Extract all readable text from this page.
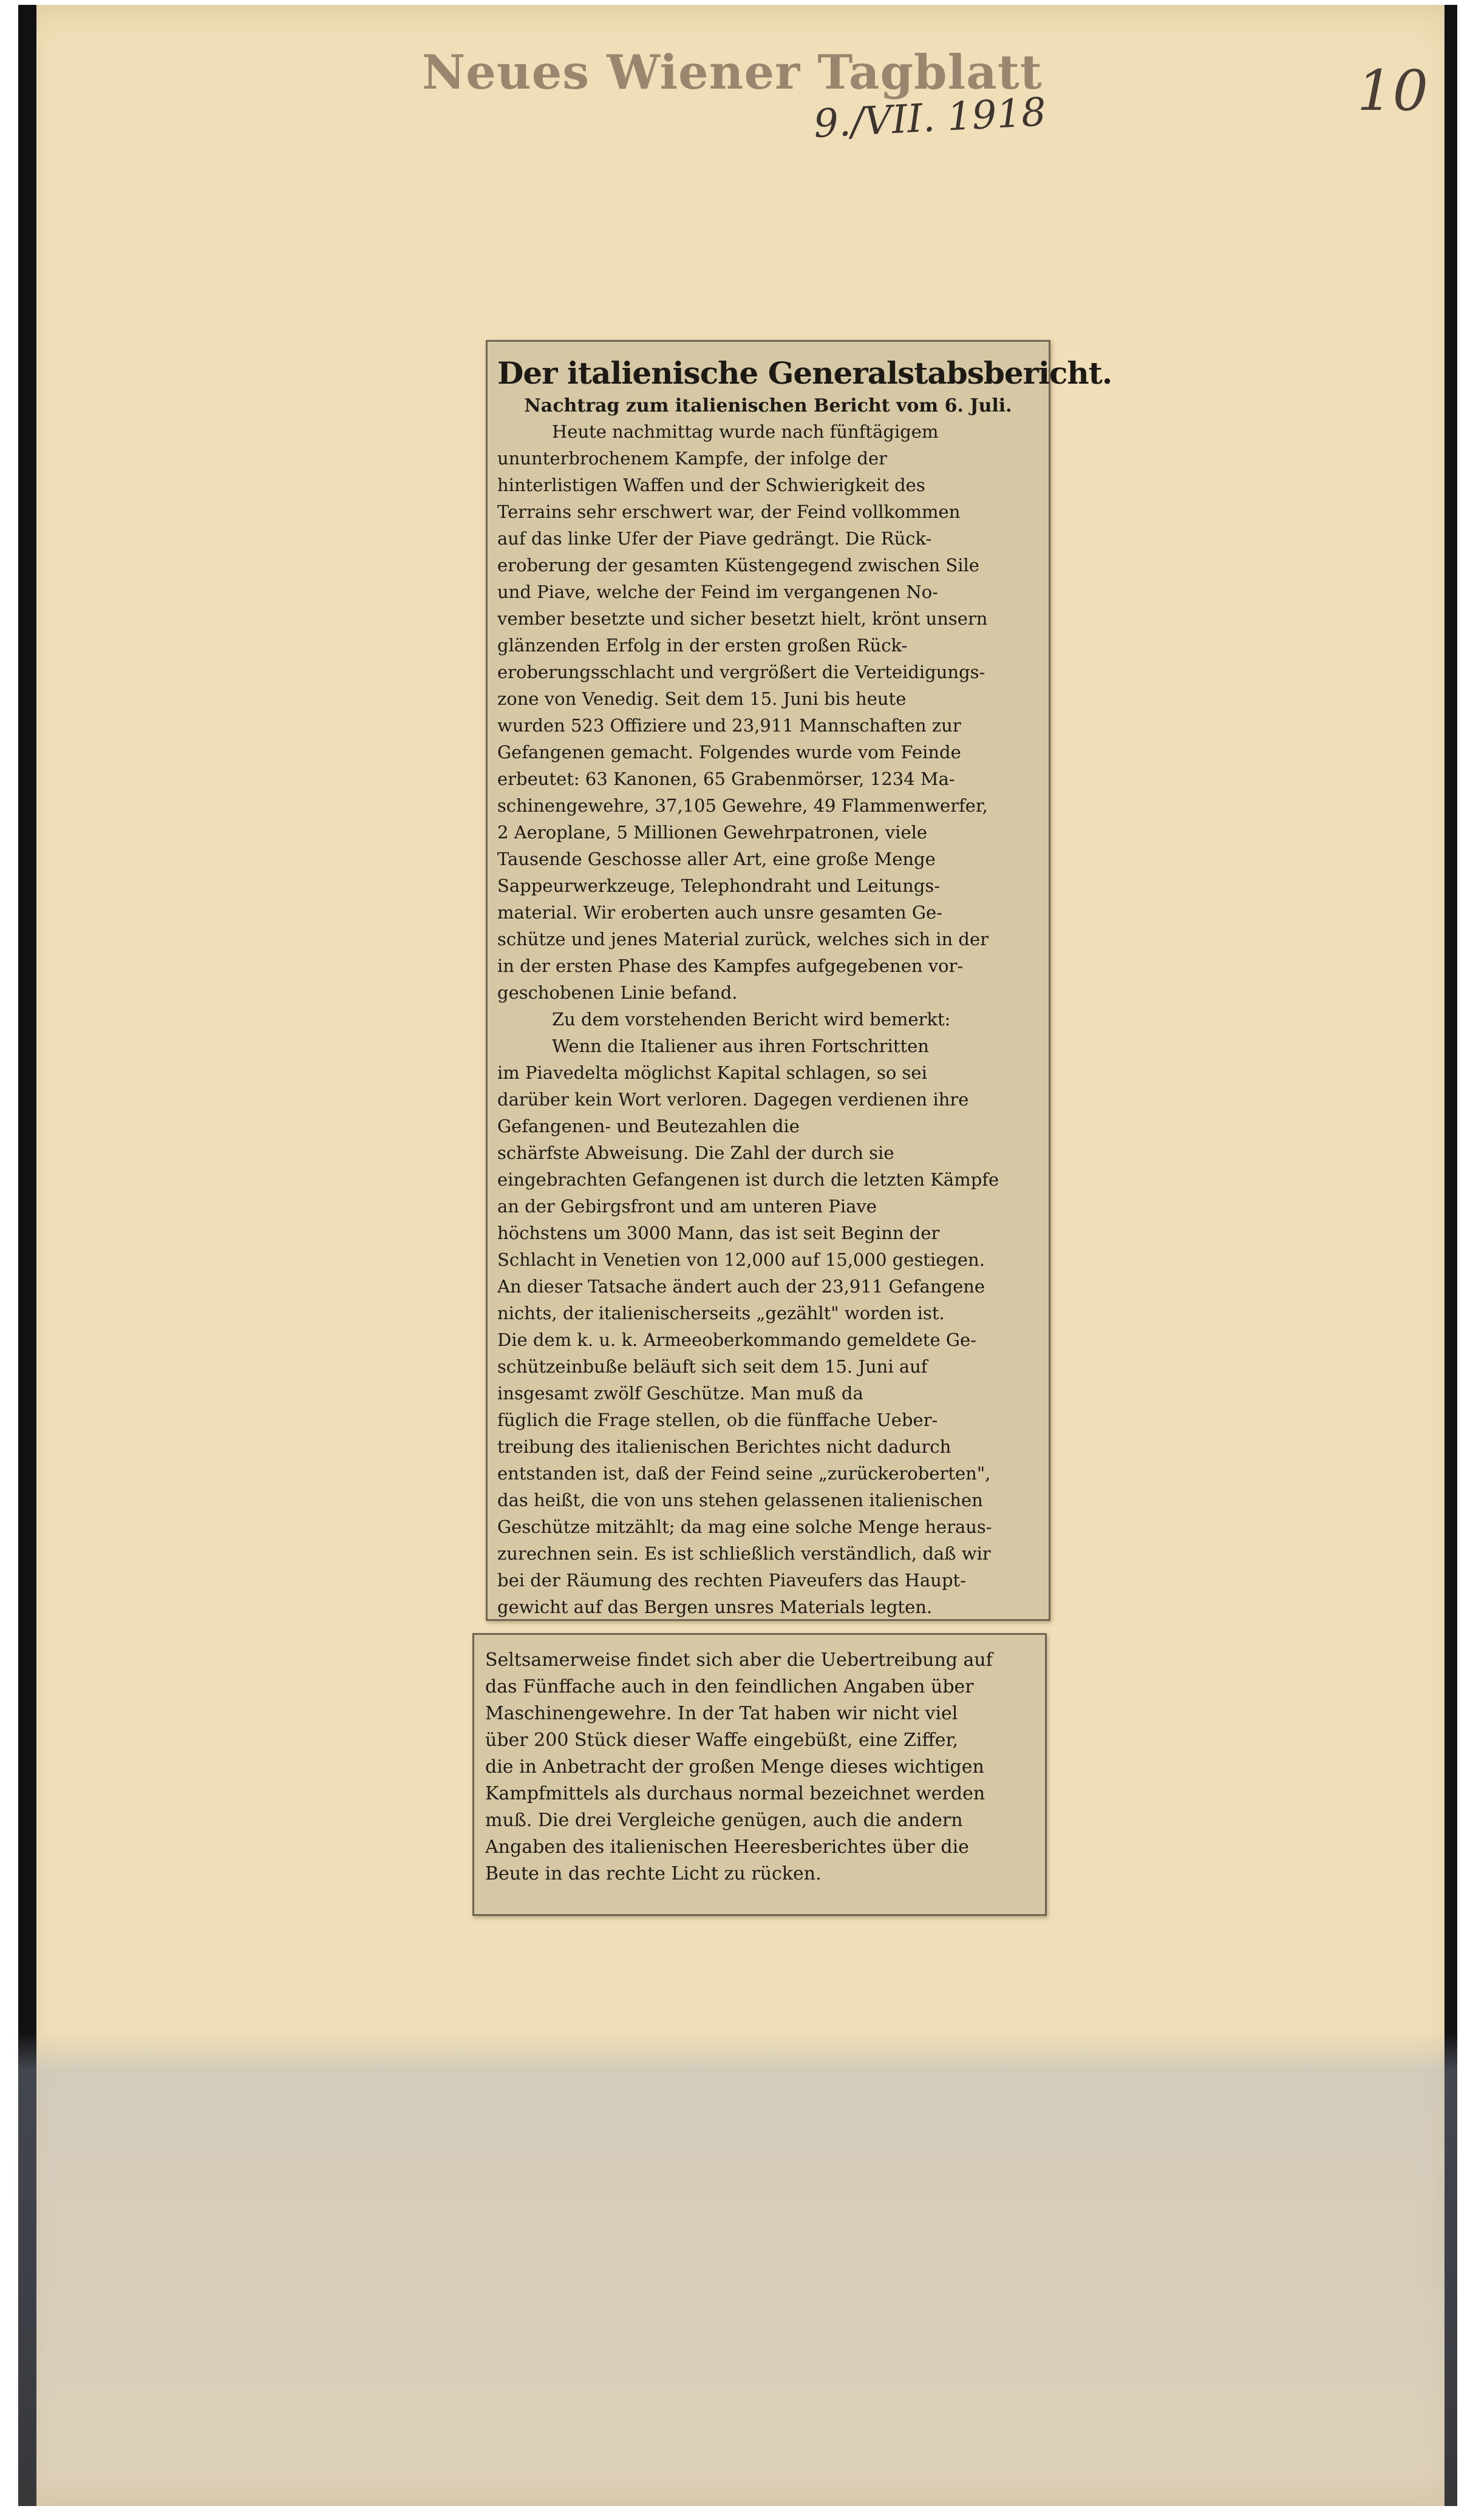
Neues Wiener Tagblatt
9./VII. 1918	10
Der italienische Generalstabsbericht.
Nachtrag zum italienischen Bericht vom 6. Juli.
Heute nachmittag wurde nach fünftägigem
ununterbrochenem Kampfe, der infolge der
hinterlistigen Waffen und der Schwierigkeit des
Terrains sehr erschwert war, der Feind vollkommen
auf das linke Ufer der Piave gedrängt. Die Rück-
eroberung der gesamten Küstengegend zwischen Sile
und Piave, welche der Feind im vergangenen No-
vember besetzte und sicher besetzt hielt, krönt unsern
glänzenden Erfolg in der ersten großen Rück-
eroberungsschlacht und vergrößert die Verteidigungs-
zone von Venedig. Seit dem 15. Juni bis heute
wurden 523 Offiziere und 23,911 Mannschaften zur
Gefangenen gemacht. Folgendes wurde vom Feinde
erbeutet: 63 Kanonen, 65 Grabenmörser, 1234 Ma-
schinengewehre, 37,105 Gewehre, 49 Flammenwerfer,
2 Aeroplane, 5 Millionen Gewehrpatronen, viele
Tausende Geschosse aller Art, eine große Menge
Sappeurwerkzeuge, Telephondraht und Leitungs-
material. Wir eroberten auch unsre gesamten Ge-
schütze und jenes Material zurück, welches sich in der
in der ersten Phase des Kampfes aufgegebenen vor-
geschobenen Linie befand.
Zu dem vorstehenden Bericht wird bemerkt:
Wenn die Italiener aus ihren Fortschritten
im Piavedelta möglichst Kapital schlagen, so sei
darüber kein Wort verloren. Dagegen verdienen ihre
Gefangenen- und Beutezahlen die
schärfste Abweisung. Die Zahl der durch sie
eingebrachten Gefangenen ist durch die letzten Kämpfe
an der Gebirgsfront und am unteren Piave
höchstens um 3000 Mann, das ist seit Beginn der
Schlacht in Venetien von 12,000 auf 15,000 gestiegen.
An dieser Tatsache ändert auch der 23,911 Gefangene
nichts, der italienischerseits „gezählt" worden ist.
Die dem k. u. k. Armeeoberkommando gemeldete Ge-
schützeinbuße beläuft sich seit dem 15. Juni auf
insgesamt zwölf Geschütze. Man muß da
füglich die Frage stellen, ob die fünffache Ueber-
treibung des italienischen Berichtes nicht dadurch
entstanden ist, daß der Feind seine „zurückeroberten",
das heißt, die von uns stehen gelassenen italienischen
Geschütze mitzählt; da mag eine solche Menge heraus-
zurechnen sein. Es ist schließlich verständlich, daß wir
bei der Räumung des rechten Piaveufers das Haupt-
gewicht auf das Bergen unsres Materials legten.
Seltsamerweise findet sich aber die Uebertreibung auf
das Fünffache auch in den feindlichen Angaben über
Maschinengewehre. In der Tat haben wir nicht viel
über 200 Stück dieser Waffe eingebüßt, eine Ziffer,
die in Anbetracht der großen Menge dieses wichtigen
Kampfmittels als durchaus normal bezeichnet werden
muß. Die drei Vergleiche genügen, auch die andern
Angaben des italienischen Heeresberichtes über die
Beute in das rechte Licht zu rücken.
